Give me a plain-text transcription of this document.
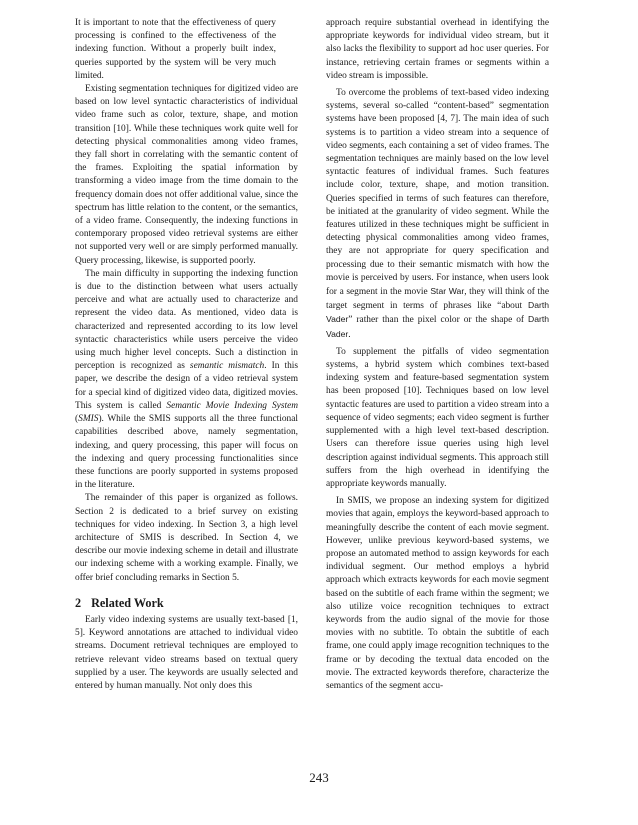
It is important to note that the effectiveness of query processing is confined to the effectiveness of the indexing function. Without a properly built index, queries supported by the system will be very much limited.

Existing segmentation techniques for digitized video are based on low level syntactic characteristics of individual video frame such as color, texture, shape, and motion transition [10]. While these techniques work quite well for detecting physical commonalities among video frames, they fall short in correlating with the semantic content of the frames. Exploiting the spatial information by transforming a video image from the time domain to the frequency domain does not offer additional value, since the spectrum has little relation to the content, or the semantics, of a video frame. Consequently, the indexing functions in contemporary proposed video retrieval systems are either not supported very well or are simply performed manually. Query processing, likewise, is supported poorly.

The main difficulty in supporting the indexing function is due to the distinction between what users actually perceive and what are actually used to characterize and represent the video data. As mentioned, video data is characterized and represented according to its low level syntactic characteristics while users perceive the video using much higher level concepts. Such a distinction in perception is recognized as semantic mismatch. In this paper, we describe the design of a video retrieval system for a special kind of digitized video data, digitized movies. This system is called Semantic Movie Indexing System (SMIS). While the SMIS supports all the three functional capabilities described above, namely segmentation, indexing, and query processing, this paper will focus on the indexing and query processing functionalities since these functions are poorly supported in systems proposed in the literature.

The remainder of this paper is organized as follows. Section 2 is dedicated to a brief survey on existing techniques for video indexing. In Section 3, a high level architecture of SMIS is described. In Section 4, we describe our movie indexing scheme in detail and illustrate our indexing scheme with a working example. Finally, we offer brief concluding remarks in Section 5.

2 Related Work

Early video indexing systems are usually text-based [1, 5]. Keyword annotations are attached to individual video streams. Document retrieval techniques are employed to retrieve relevant video streams based on textual query supplied by a user. The keywords are usually selected and entered by human manually. Not only does this

approach require substantial overhead in identifying the appropriate keywords for individual video stream, but it also lacks the flexibility to support ad hoc user queries. For instance, retrieving certain frames or segments within a video stream is impossible.

To overcome the problems of text-based video indexing systems, several so-called “content-based” segmentation systems have been proposed [4, 7]. The main idea of such systems is to partition a video stream into a sequence of video segments, each containing a set of video frames. The segmentation techniques are mainly based on the low level syntactic features of individual frames. Such features include color, texture, shape, and motion transition. Queries specified in terms of such features can therefore, be initiated at the granularity of video segment. While the features utilized in these techniques might be sufficient in detecting physical commonalities among video frames, they are not appropriate for query specification and processing due to their semantic mismatch with how the movie is perceived by users. For instance, when users look for a segment in the movie Star War, they will think of the target segment in terms of phrases like “about Darth Vader” rather than the pixel color or the shape of Darth Vader.

To supplement the pitfalls of video segmentation systems, a hybrid system which combines text-based indexing system and feature-based segmentation system has been proposed [10]. Techniques based on low level syntactic features are used to partition a video stream into a sequence of video segments; each video segment is further supplemented with a high level text-based description. Users can therefore issue queries using high level description against individual segments. This approach still suffers from the high overhead in identifying the appropriate keywords manually.

In SMIS, we propose an indexing system for digitized movies that again, employs the keyword-based approach to meaningfully describe the content of each movie segment. However, unlike previous keyword-based systems, we propose an automated method to assign keywords for each individual segment. Our method employs a hybrid approach which extracts keywords for each movie segment based on the subtitle of each frame within the segment; we also utilize voice recognition techniques to extract keywords from the audio signal of the movie for those movies with no subtitle. To obtain the subtitle of each frame, one could apply image recognition techniques to the frame or by decoding the textual data encoded on the movie. The extracted keywords therefore, characterize the semantics of the segment accu-

243
